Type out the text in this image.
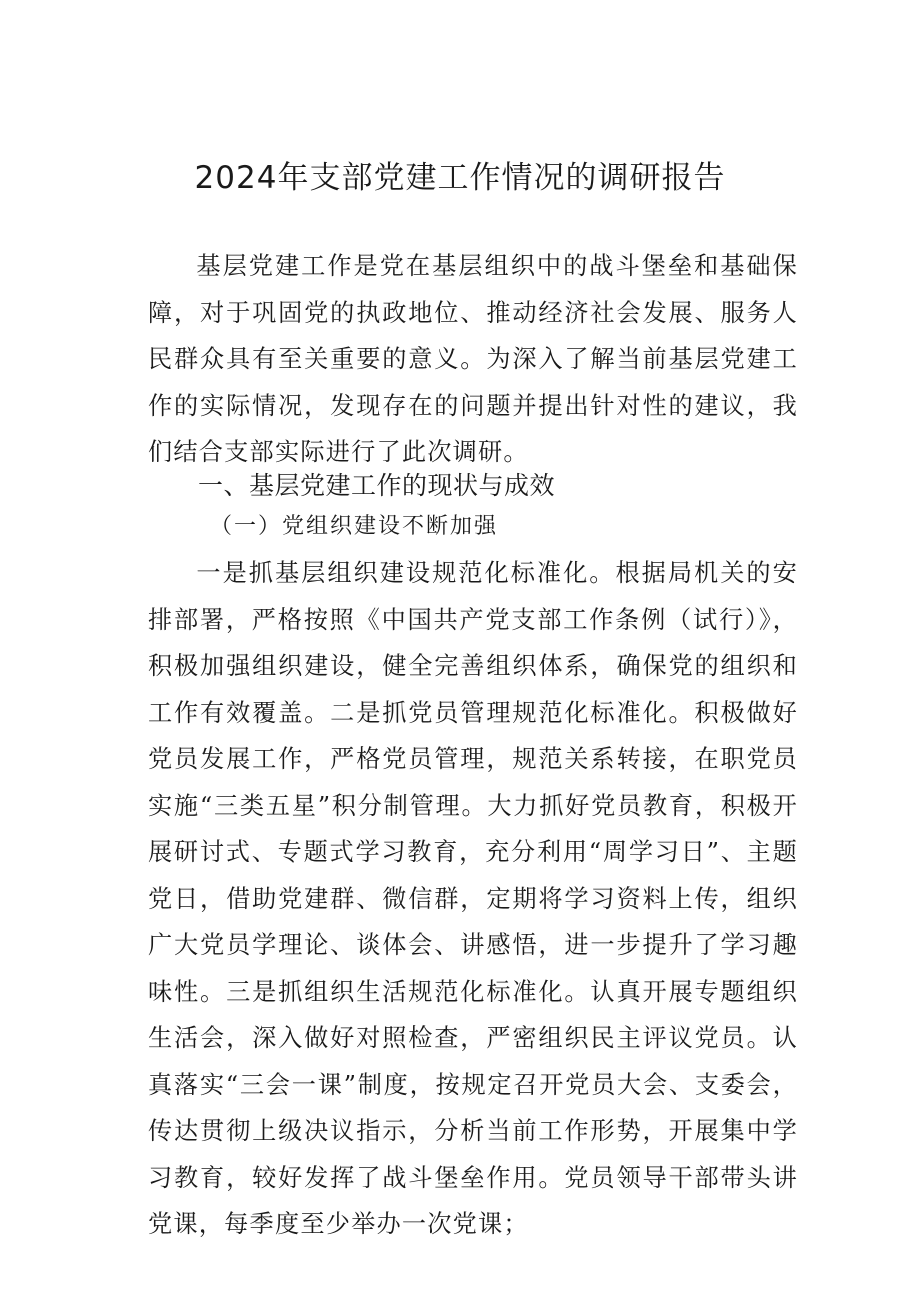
2024年支部党建工作情况的调研报告

基层党建工作是党在基层组织中的战斗堡垒和基础保障，对于巩固党的执政地位、推动经济社会发展、服务人民群众具有至关重要的意义。为深入了解当前基层党建工作的实际情况，发现存在的问题并提出针对性的建议，我们结合支部实际进行了此次调研。

一、基层党建工作的现状与成效
（一）党组织建设不断加强

一是抓基层组织建设规范化标准化。根据局机关的安排部署，严格按照《中国共产党支部工作条例（试行）》，积极加强组织建设，健全完善组织体系，确保党的组织和工作有效覆盖。二是抓党员管理规范化标准化。积极做好党员发展工作，严格党员管理，规范关系转接，在职党员实施“三类五星”积分制管理。大力抓好党员教育，积极开展研讨式、专题式学习教育，充分利用“周学习日”、主题党日，借助党建群、微信群，定期将学习资料上传，组织广大党员学理论、谈体会、讲感悟，进一步提升了学习趣味性。三是抓组织生活规范化标准化。认真开展专题组织生活会，深入做好对照检查，严密组织民主评议党员。认真落实“三会一课”制度，按规定召开党员大会、支委会，传达贯彻上级决议指示，分析当前工作形势，开展集中学习教育，较好发挥了战斗堡垒作用。党员领导干部带头讲党课，每季度至少举办一次党课；
